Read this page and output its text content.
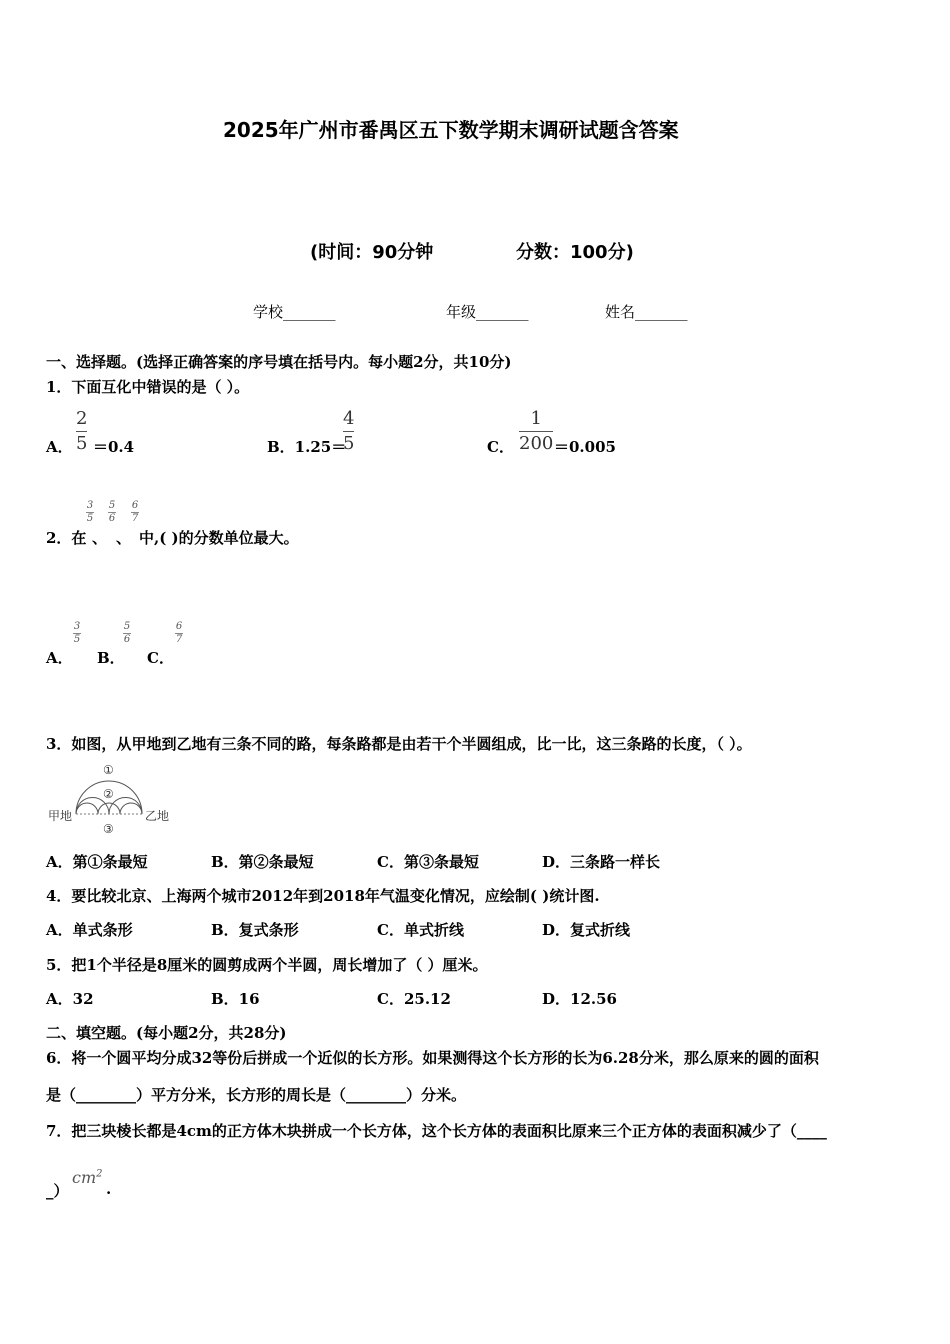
2025年广州市番禺区五下数学期末调研试题含答案
(时间：90分钟	分数：100分)
学校_______	年级_______	姓名_______
一、选择题。(选择正确答案的序号填在括号内。每小题2分，共10分)
1．下面互化中错误的是（ ）。
A．
2
5 ＝0.4	B．1.25＝
4
5	C．
1
200 ＝0.005
3
5
5
6
6
7
2．在 、 、 中,( )的分数单位最大。
A．
3
5
B．
5
6
C．
6
7
3．如图，从甲地到乙地有三条不同的路，每条路都是由若干个半圆组成，比一比，这三条路的长度，（ ）。
甲地	乙地
①
②
③
A．第①条最短	B．第②条最短	C．第③条最短	D．三条路一样长
4．要比较北京、上海两个城市2012年到2018年气温变化情况，应绘制( )统计图.
A．单式条形	B．复式条形	C．单式折线	D．复式折线
5．把1个半径是8厘米的圆剪成两个半圆，周长增加了（ ）厘米。
A．32	B．16	C．25.12	D．12.56
二、填空题。(每小题2分，共28分)
6．将一个圆平均分成32等份后拼成一个近似的长方形。如果测得这个长方形的长为6.28分米，那么原来的圆的面积
是（________）平方分米，长方形的周长是（________）分米。
7．把三块棱长都是4cm的正方体木块拼成一个长方体，这个长方体的表面积比原来三个正方体的表面积减少了（____
_）
$cm^2$
.
